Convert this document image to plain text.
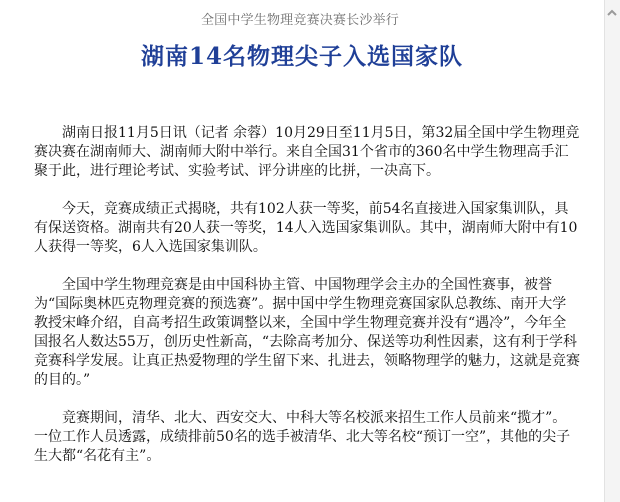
全国中学生物理竞赛决赛长沙举行
湖南14名物理尖子入选国家队

湖南日报11月5日讯（记者 余蓉）10月29日至11月5日，第32届全国中学生物理竞赛决赛在湖南师大、湖南师大附中举行。来自全国31个省市的360名中学生物理高手汇聚于此，进行理论考试、实验考试、评分讲座的比拼，一决高下。

今天，竞赛成绩正式揭晓，共有102人获一等奖，前54名直接进入国家集训队，具有保送资格。湖南共有20人获一等奖，14人入选国家集训队。其中，湖南师大附中有10人获得一等奖，6人入选国家集训队。

全国中学生物理竞赛是由中国科协主管、中国物理学会主办的全国性赛事，被誉为“国际奥林匹克物理竞赛的预选赛”。据中国中学生物理竞赛国家队总教练、南开大学教授宋峰介绍，自高考招生政策调整以来，全国中学生物理竞赛并没有“遇冷”，今年全国报名人数达55万，创历史性新高，“去除高考加分、保送等功利性因素，这有利于学科竞赛科学发展。让真正热爱物理的学生留下来、扎进去，领略物理学的魅力，这就是竞赛的目的。”

竞赛期间，清华、北大、西安交大、中科大等名校派来招生工作人员前来“揽才”。一位工作人员透露，成绩排前50名的选手被清华、北大等名校“预订一空”，其他的尖子生大都“名花有主”。
